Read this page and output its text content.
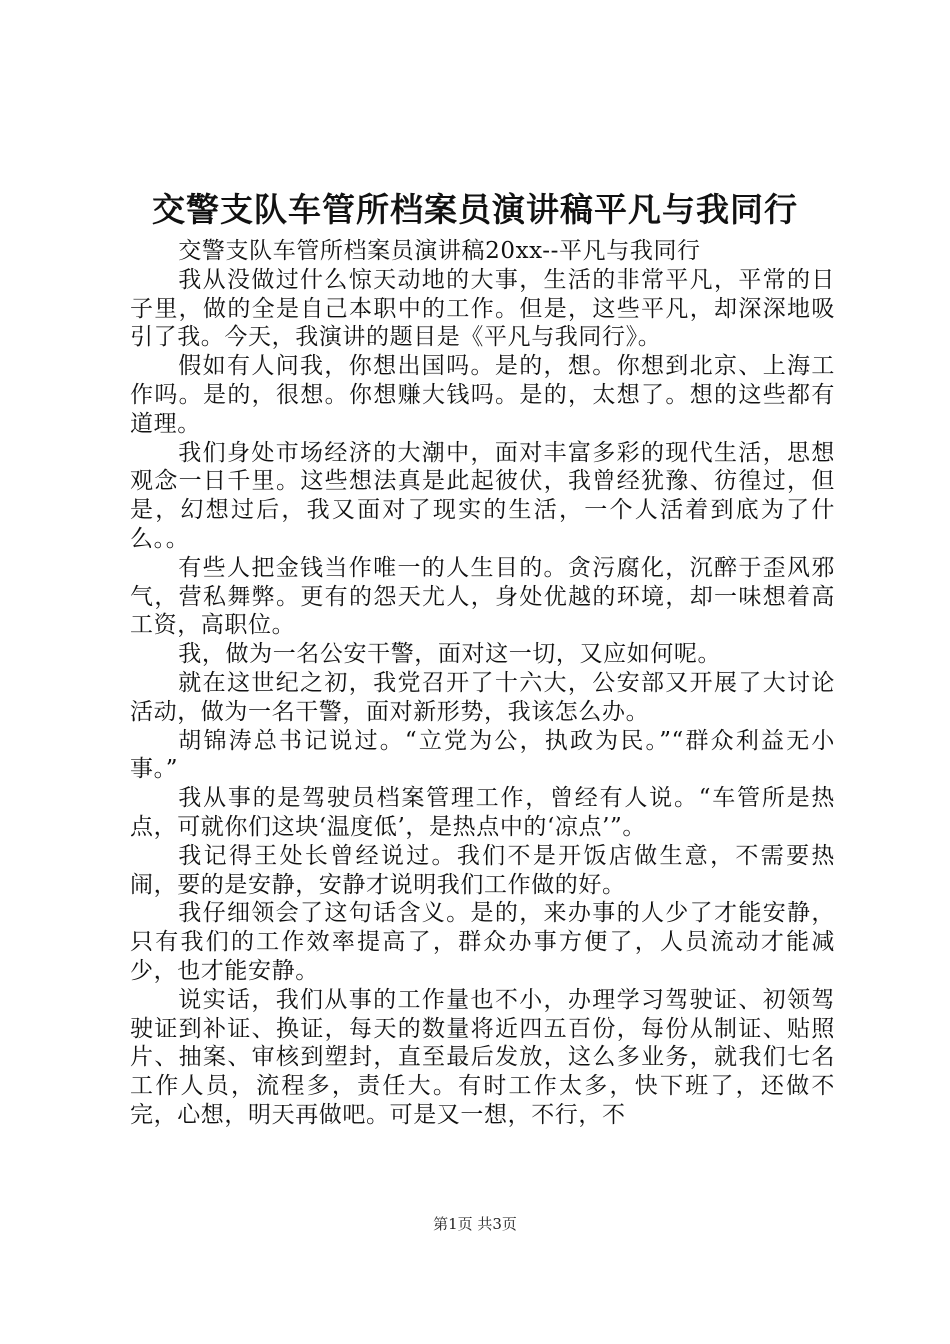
交警支队车管所档案员演讲稿平凡与我同行

交警支队车管所档案员演讲稿20xx--平凡与我同行

我从没做过什么惊天动地的大事，生活的非常平凡，平常的日子里，做的全是自己本职中的工作。但是，这些平凡，却深深地吸引了我。今天，我演讲的题目是《平凡与我同行》。

假如有人问我，你想出国吗。是的，想。你想到北京、上海工作吗。是的，很想。你想赚大钱吗。是的，太想了。想的这些都有道理。

我们身处市场经济的大潮中，面对丰富多彩的现代生活，思想观念一日千里。这些想法真是此起彼伏，我曾经犹豫、彷徨过，但是，幻想过后，我又面对了现实的生活，一个人活着到底为了什么。。

有些人把金钱当作唯一的人生目的。贪污腐化，沉醉于歪风邪气，营私舞弊。更有的怨天尤人，身处优越的环境，却一味想着高工资，高职位。

我，做为一名公安干警，面对这一切，又应如何呢。

就在这世纪之初，我党召开了十六大，公安部又开展了大讨论活动，做为一名干警，面对新形势，我该怎么办。

胡锦涛总书记说过。“立党为公，执政为民。”“群众利益无小事。”

我从事的是驾驶员档案管理工作，曾经有人说。“车管所是热点，可就你们这块‘温度低’，是热点中的‘凉点’”。

我记得王处长曾经说过。我们不是开饭店做生意，不需要热闹，要的是安静，安静才说明我们工作做的好。

我仔细领会了这句话含义。是的，来办事的人少了才能安静，只有我们的工作效率提高了，群众办事方便了，人员流动才能减少，也才能安静。

说实话，我们从事的工作量也不小，办理学习驾驶证、初领驾驶证到补证、换证，每天的数量将近四五百份，每份从制证、贴照片、抽案、审核到塑封，直至最后发放，这么多业务，就我们七名工作人员，流程多，责任大。有时工作太多，快下班了，还做不完，心想，明天再做吧。可是又一想，不行，不

第1页 共3页
